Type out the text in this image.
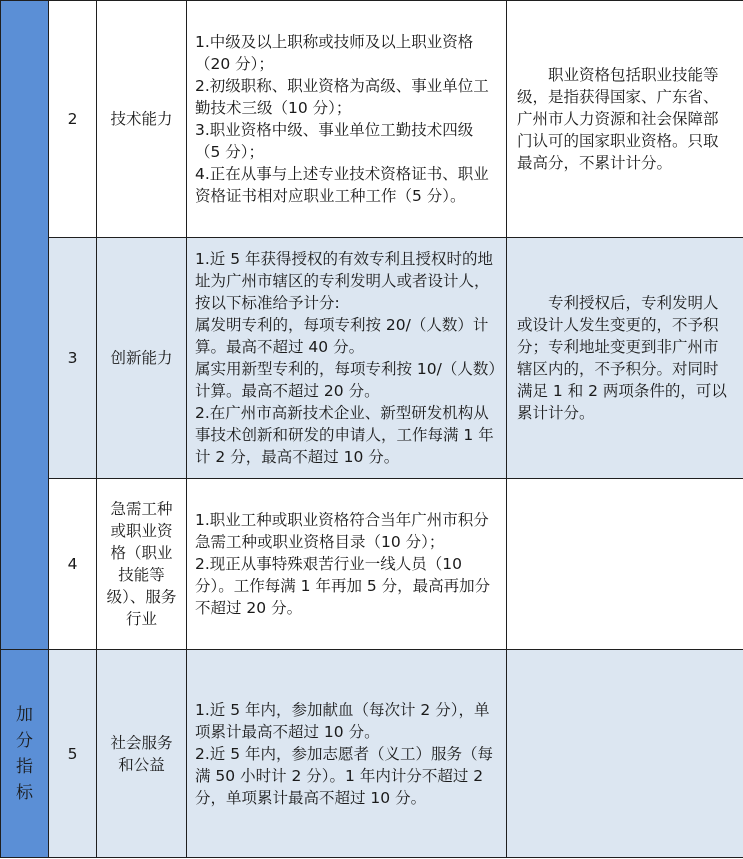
	2	技术能力	1.中级及以上职称或技师及以上职业资格（20 分）；

2.初级职称、职业资格为高级、事业单位工勤技术三级（10 分）；

3.职业资格中级、事业单位工勤技术四级（5 分）；

4.正在从事与上述专业技术资格证书、职业资格证书相对应职业工种工作（5 分）。	职业资格包括职业技能等级，是指获得国家、广东省、广州市人力资源和社会保障部门认可的国家职业资格。只取最高分，不累计计分。

	3	创新能力	1.近 5 年获得授权的有效专利且授权时的地址为广州市辖区的专利发明人或者设计人，按以下标准给予计分:

属发明专利的，每项专利按 20/（人数）计算。最高不超过 40 分。

属实用新型专利的，每项专利按 10/（人数）计算。最高不超过 20 分。

2.在广州市高新技术企业、新型研发机构从事技术创新和研发的申请人，工作每满 1 年计 2 分，最高不超过 10 分。	专利授权后，专利发明人或设计人发生变更的，不予积分；专利地址变更到非广州市辖区内的，不予积分。对同时满足 1 和 2 两项条件的，可以累计计分。

	4	急需工种或职业资格（职业技能等级）、服务行业	1.职业工种或职业资格符合当年广州市积分急需工种或职业资格目录（10 分）；

2.现正从事特殊艰苦行业一线人员（10 分）。工作每满 1 年再加 5 分，最高再加分不超过 20 分。	

加分指标	5	社会服务和公益	1.近 5 年内，参加献血（每次计 2 分），单项累计最高不超过 10 分。

2.近 5 年内，参加志愿者（义工）服务（每满 50 小时计 2 分）。1 年内计分不超过 2 分，单项累计最高不超过 10 分。	
